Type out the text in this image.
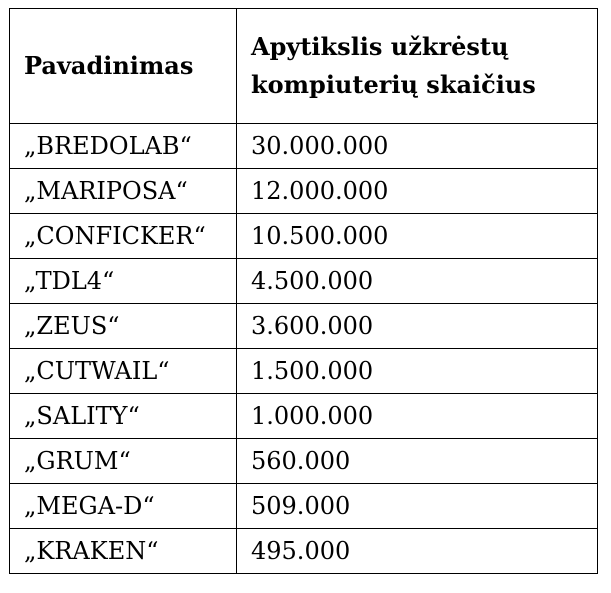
Pavadinimas	Apytikslis užkrėstų kompiuterių skaičius
„BREDOLAB“	30.000.000
„MARIPOSA“	12.000.000
„CONFICKER“	10.500.000
„TDL4“	4.500.000
„ZEUS“	3.600.000
„CUTWAIL“	1.500.000
„SALITY“	1.000.000
„GRUM“	560.000
„MEGA-D“	509.000
„KRAKEN“	495.000
